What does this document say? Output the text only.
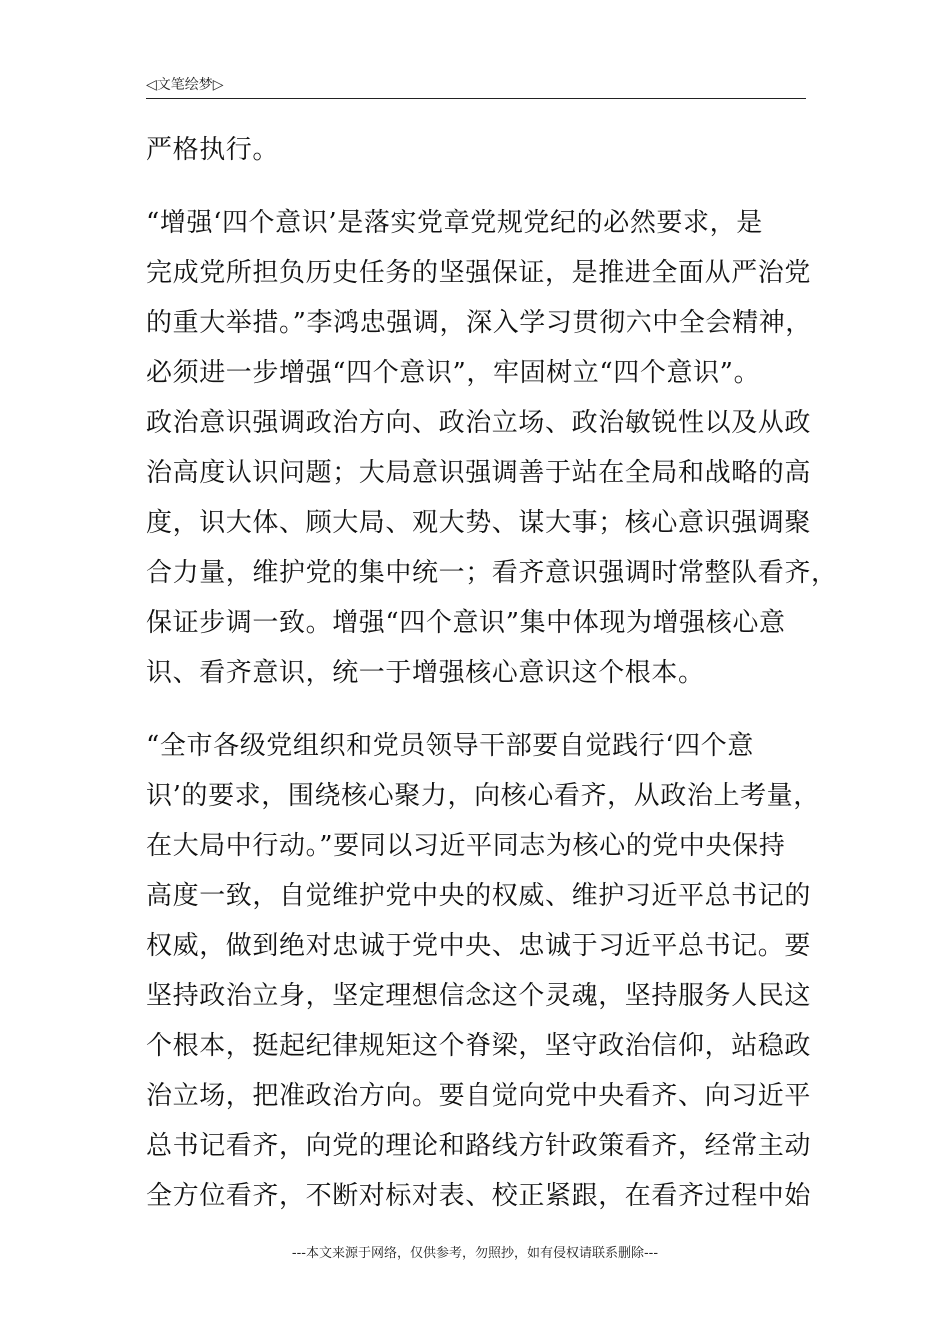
◁文笔绘梦▷
严格执行。
“增强‘四个意识’是落实党章党规党纪的必然要求，是
完成党所担负历史任务的坚强保证，是推进全面从严治党
的重大举措。”李鸿忠强调，深入学习贯彻六中全会精神，
必须进一步增强“四个意识”，牢固树立“四个意识”。
政治意识强调政治方向、政治立场、政治敏锐性以及从政
治高度认识问题；大局意识强调善于站在全局和战略的高
度，识大体、顾大局、观大势、谋大事；核心意识强调聚
合力量，维护党的集中统一；看齐意识强调时常整队看齐，
保证步调一致。增强“四个意识”集中体现为增强核心意
识、看齐意识，统一于增强核心意识这个根本。
“全市各级党组织和党员领导干部要自觉践行‘四个意
识’的要求，围绕核心聚力，向核心看齐，从政治上考量，
在大局中行动。”要同以习近平同志为核心的党中央保持
高度一致，自觉维护党中央的权威、维护习近平总书记的
权威，做到绝对忠诚于党中央、忠诚于习近平总书记。要
坚持政治立身，坚定理想信念这个灵魂，坚持服务人民这
个根本，挺起纪律规矩这个脊梁，坚守政治信仰，站稳政
治立场，把准政治方向。要自觉向党中央看齐、向习近平
总书记看齐，向党的理论和路线方针政策看齐，经常主动
全方位看齐，不断对标对表、校正紧跟，在看齐过程中始
---本文来源于网络，仅供参考，勿照抄，如有侵权请联系删除---
